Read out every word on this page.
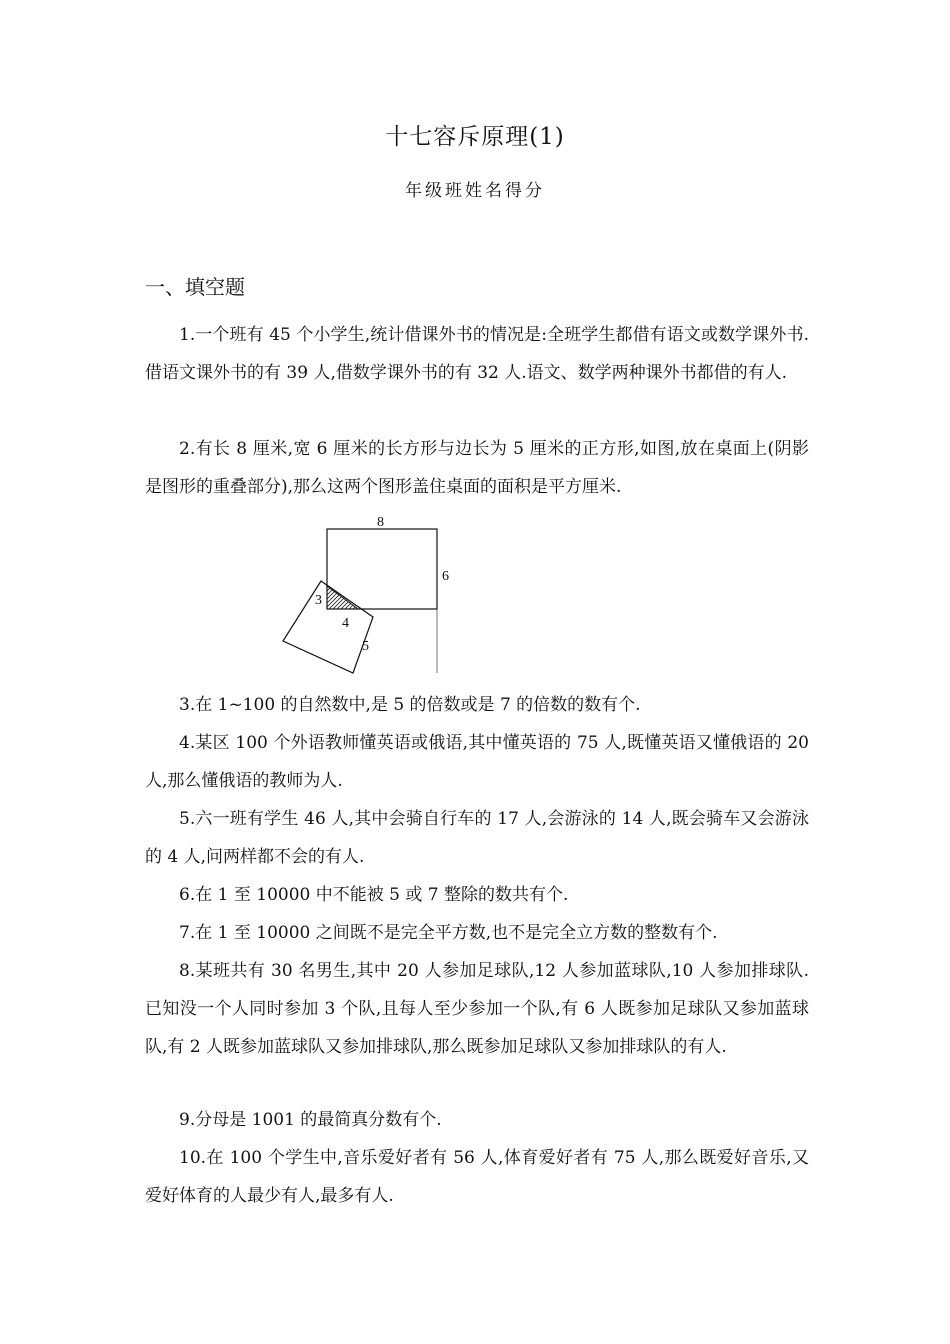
十七容斥原理(1)
年级班姓名得分
一、填空题

1.一个班有 45 个小学生,统计借课外书的情况是:全班学生都借有语文或数学课外书.借语文课外书的有 39 人,借数学课外书的有 32 人.语文、数学两种课外书都借的有人.

2.有长 8 厘米,宽 6 厘米的长方形与边长为 5 厘米的正方形,如图,放在桌面上(阴影是图形的重叠部分),那么这两个图形盖住桌面的面积是平方厘米.

8
6
3
4
5

3.在 1~100 的自然数中,是 5 的倍数或是 7 的倍数的数有个.

4.某区 100 个外语教师懂英语或俄语,其中懂英语的 75 人,既懂英语又懂俄语的 20 人,那么懂俄语的教师为人.

5.六一班有学生 46 人,其中会骑自行车的 17 人,会游泳的 14 人,既会骑车又会游泳的 4 人,问两样都不会的有人.

6.在 1 至 10000 中不能被 5 或 7 整除的数共有个.

7.在 1 至 10000 之间既不是完全平方数,也不是完全立方数的整数有个.

8.某班共有 30 名男生,其中 20 人参加足球队,12 人参加蓝球队,10 人参加排球队.已知没一个人同时参加 3 个队,且每人至少参加一个队,有 6 人既参加足球队又参加蓝球队,有 2 人既参加蓝球队又参加排球队,那么既参加足球队又参加排球队的有人.

9.分母是 1001 的最简真分数有个.

10.在 100 个学生中,音乐爱好者有 56 人,体育爱好者有 75 人,那么既爱好音乐,又爱好体育的人最少有人,最多有人.
